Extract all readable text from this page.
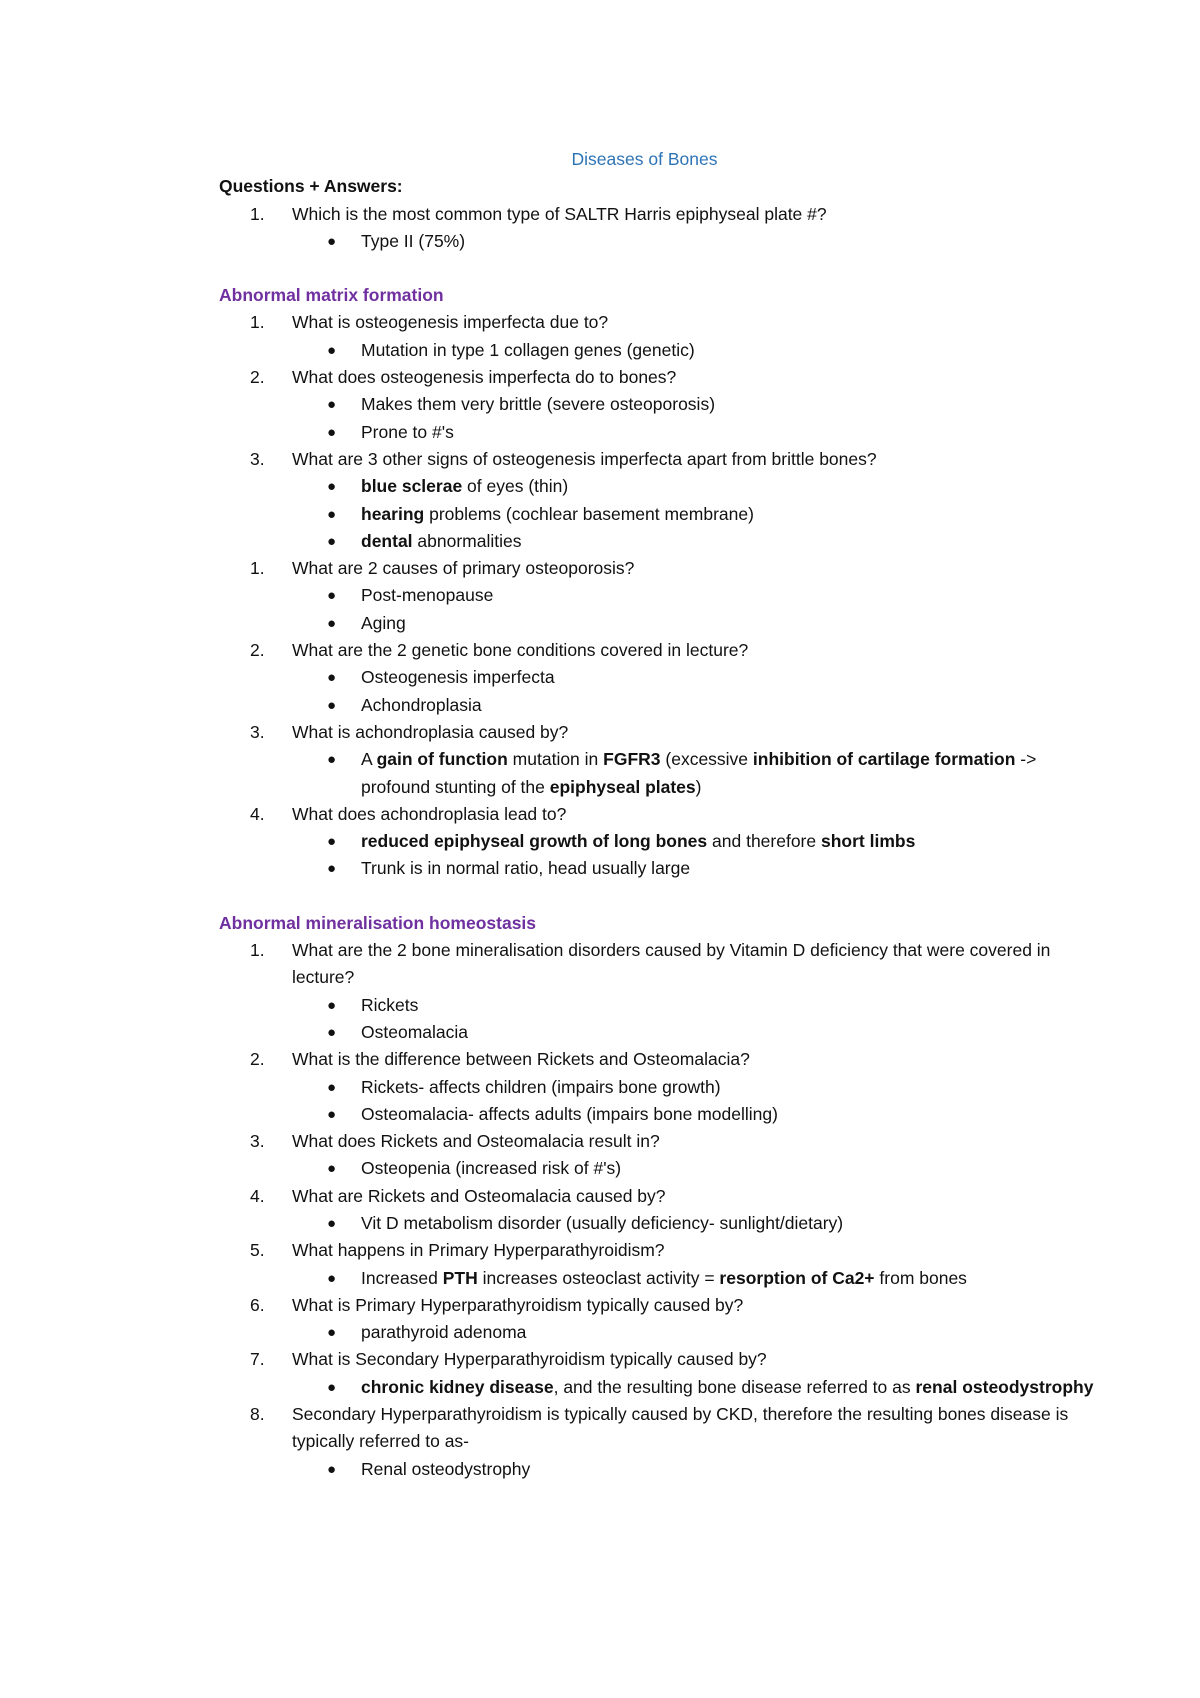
Diseases of Bones
Questions + Answers:
1.	Which is the most common type of SALTR Harris epiphyseal plate #?
●	Type II (75%)
Abnormal matrix formation
1.	What is osteogenesis imperfecta due to?
●	Mutation in type 1 collagen genes (genetic)
2.	What does osteogenesis imperfecta do to bones?
●	Makes them very brittle (severe osteoporosis)
●	Prone to #'s
3.	What are 3 other signs of osteogenesis imperfecta apart from brittle bones?
●	blue sclerae of eyes (thin)
●	hearing problems (cochlear basement membrane)
●	dental abnormalities
1.	What are 2 causes of primary osteoporosis?
●	Post-menopause
●	Aging
2.	What are the 2 genetic bone conditions covered in lecture?
●	Osteogenesis imperfecta
●	Achondroplasia
3.	What is achondroplasia caused by?
●	A gain of function mutation in FGFR3 (excessive inhibition of cartilage formation -> profound stunting of the epiphyseal plates)
4.	What does achondroplasia lead to?
●	reduced epiphyseal growth of long bones and therefore short limbs
●	Trunk is in normal ratio, head usually large
Abnormal mineralisation homeostasis
1.	What are the 2 bone mineralisation disorders caused by Vitamin D deficiency that were covered in lecture?
●	Rickets
●	Osteomalacia
2.	What is the difference between Rickets and Osteomalacia?
●	Rickets- affects children (impairs bone growth)
●	Osteomalacia- affects adults (impairs bone modelling)
3.	What does Rickets and Osteomalacia result in?
●	Osteopenia (increased risk of #'s)
4.	What are Rickets and Osteomalacia caused by?
●	Vit D metabolism disorder (usually deficiency- sunlight/dietary)
5.	What happens in Primary Hyperparathyroidism?
●	Increased PTH increases osteoclast activity = resorption of Ca2+ from bones
6.	What is Primary Hyperparathyroidism typically caused by?
●	parathyroid adenoma
7.	What is Secondary Hyperparathyroidism typically caused by?
●	chronic kidney disease, and the resulting bone disease referred to as renal osteodystrophy
8.	Secondary Hyperparathyroidism is typically caused by CKD, therefore the resulting bones disease is typically referred to as-
●	Renal osteodystrophy
